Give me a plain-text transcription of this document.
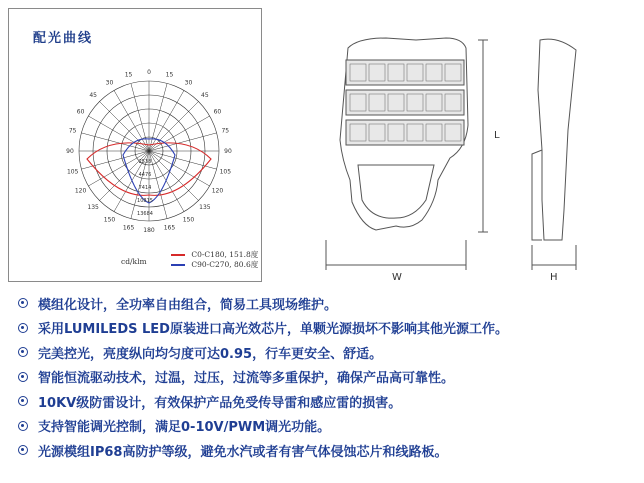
配光曲线
165 180 165
150	150
135	135
120	120
105	105
90	90
75	75
60	60
45	45
30
15 0 15
30
2538
4476
7414
10815
13684
cd/klm
C0-C180, 151.8度
C90-C270, 80.6度
L
W	H
模组化设计，全功率自由组合，简易工具现场维护。
采用LUMILEDS LED原装进口高光效芯片，单颗光源损坏不影响其他光源工作。
完美控光，亮度纵向均匀度可达0.95，行车更安全、舒适。
智能恒流驱动技术，过温，过压，过流等多重保护，确保产品高可靠性。
10KV级防雷设计，有效保护产品免受传导雷和感应雷的损害。
支持智能调光控制，满足0-10V/PWM调光功能。
光源模组IP68高防护等级，避免水汽或者有害气体侵蚀芯片和线路板。
